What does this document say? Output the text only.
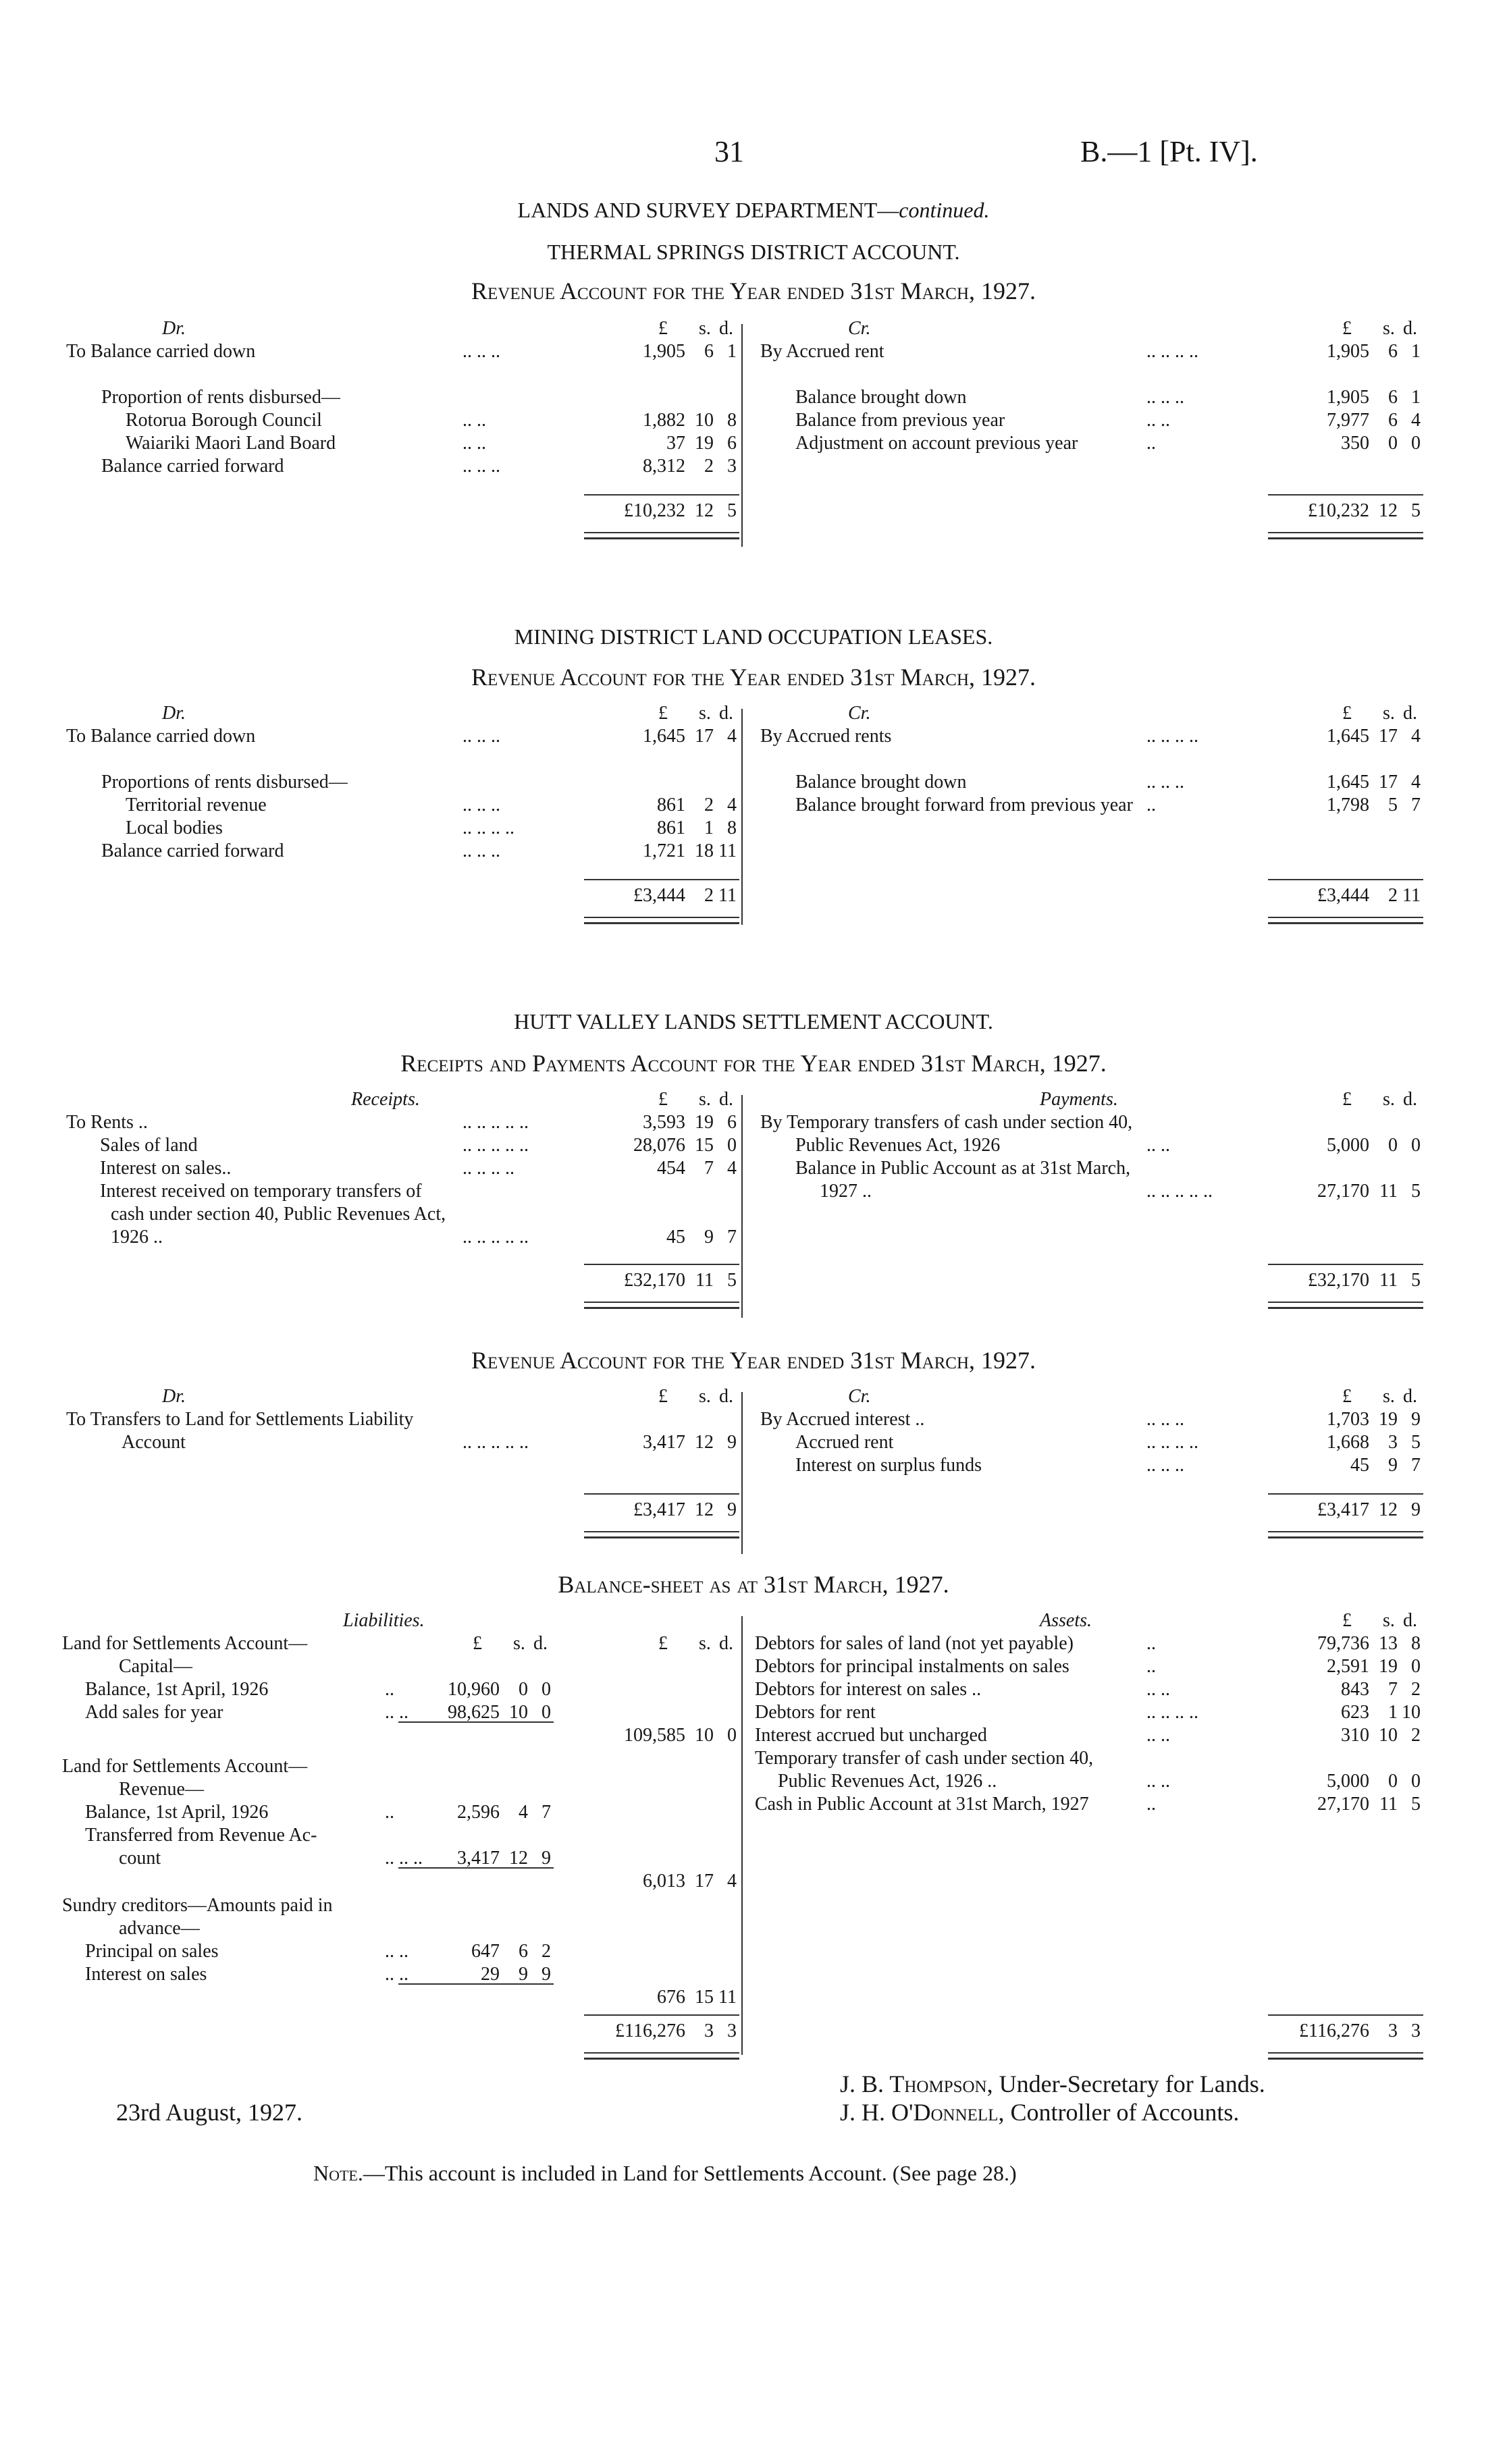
31	B.—1 [Pt. IV].
LANDS AND SURVEY DEPARTMENT—continued.
THERMAL SPRINGS DISTRICT ACCOUNT.
Revenue Account for the Year ended 31st March, 1927.
Dr.	Cr.
£ s. d.	£ s. d.
To Balance carried down	.. .. ..	1,905	6 1
Proportion of rents disbursed—
Rotorua Borough Council	.. ..	1,882 10 8
Waiariki Maori Land Board	.. ..	37 19 6
Balance carried forward	.. .. ..	8,312	2 3
By Accrued rent	.. .. .. ..	1,905	6 1
Balance brought down	.. .. ..	1,905	6 1
Balance from previous year	.. ..	7,977	6 4
Adjustment on account previous year	..	350	0 0
£10,232 12 5	£10,232 12 5
MINING DISTRICT LAND OCCUPATION LEASES.
Revenue Account for the Year ended 31st March, 1927.
Dr.	Cr.
£ s. d.	£ s. d.
To Balance carried down	.. .. ..	1,645 17 4
Proportions of rents disbursed—
Territorial revenue	.. .. ..	861	2 4
Local bodies	.. .. .. ..	861	1 8
Balance carried forward	.. .. ..	1,721 18 11
By Accrued rents	.. .. .. ..	1,645 17 4
Balance brought down	.. .. ..	1,645 17 4
Balance brought forward from previous year ..	1,798	5 7
£3,444	2 11	£3,444	2 11
HUTT VALLEY LANDS SETTLEMENT ACCOUNT.
Receipts and Payments Account for the Year ended 31st March, 1927.
Receipts.	Payments.
£ s. d.	£ s. d.
To Rents ..	.. .. .. .. ..	3,593 19 6
Sales of land	.. .. .. .. ..	28,076 15 0
Interest on sales..	.. .. .. ..	454	7 4
Interest received on temporary transfers of
cash under section 40, Public Revenues Act,
1926 ..	.. .. .. .. ..	45	9 7
By Temporary transfers of cash under section 40,
Public Revenues Act, 1926	.. ..	5,000	0 0
Balance in Public Account as at 31st March,
1927 ..	.. .. .. .. ..	27,170 11 5
£32,170 11 5	£32,170 11 5
Revenue Account for the Year ended 31st March, 1927.
Dr.	Cr.
£ s. d.	£ s. d.
To Transfers to Land for Settlements Liability
Account	.. .. .. .. ..	3,417 12 9
By Accrued interest ..	.. .. ..	1,703 19 9
Accrued rent	.. .. .. ..	1,668	3 5
Interest on surplus funds	.. .. ..	45	9 7
£3,417 12 9	£3,417 12 9
Balance-sheet as at 31st March, 1927.
Liabilities.	Assets.
£ s. d.	£ s. d.
£ s. d.
Land for Settlements Account—
Capital—
Balance, 1st April, 1926	..	10,960	0 0
Add sales for year	.. ..	98,625 10 0
109,585 10 0
Land for Settlements Account—
Revenue—
Balance, 1st April, 1926	..	2,596	4 7
Transferred from Revenue Ac-
count	.. .. ..	3,417 12 9
6,013 17 4
Sundry creditors—Amounts paid in
advance—
Principal on sales	.. ..	647	6 2
Interest on sales	.. ..	29	9 9
676 15 11
Debtors for sales of land (not yet payable)	..	79,736 13 8
Debtors for principal instalments on sales	..	2,591 19 0
Debtors for interest on sales ..	.. ..	843	7 2
Debtors for rent	.. .. .. ..	623	1 10
Interest accrued but uncharged	.. ..	310 10 2
Temporary transfer of cash under section 40,
Public Revenues Act, 1926 ..	.. ..	5,000	0 0
Cash in Public Account at 31st March, 1927	..	27,170 11 5
£116,276	3 3	£116,276	3 3
23rd August, 1927.
J. B. Thompson, Under-Secretary for Lands.
J. H. O'Donnell, Controller of Accounts.
Note.—This account is included in Land for Settlements Account. (See page 28.)
